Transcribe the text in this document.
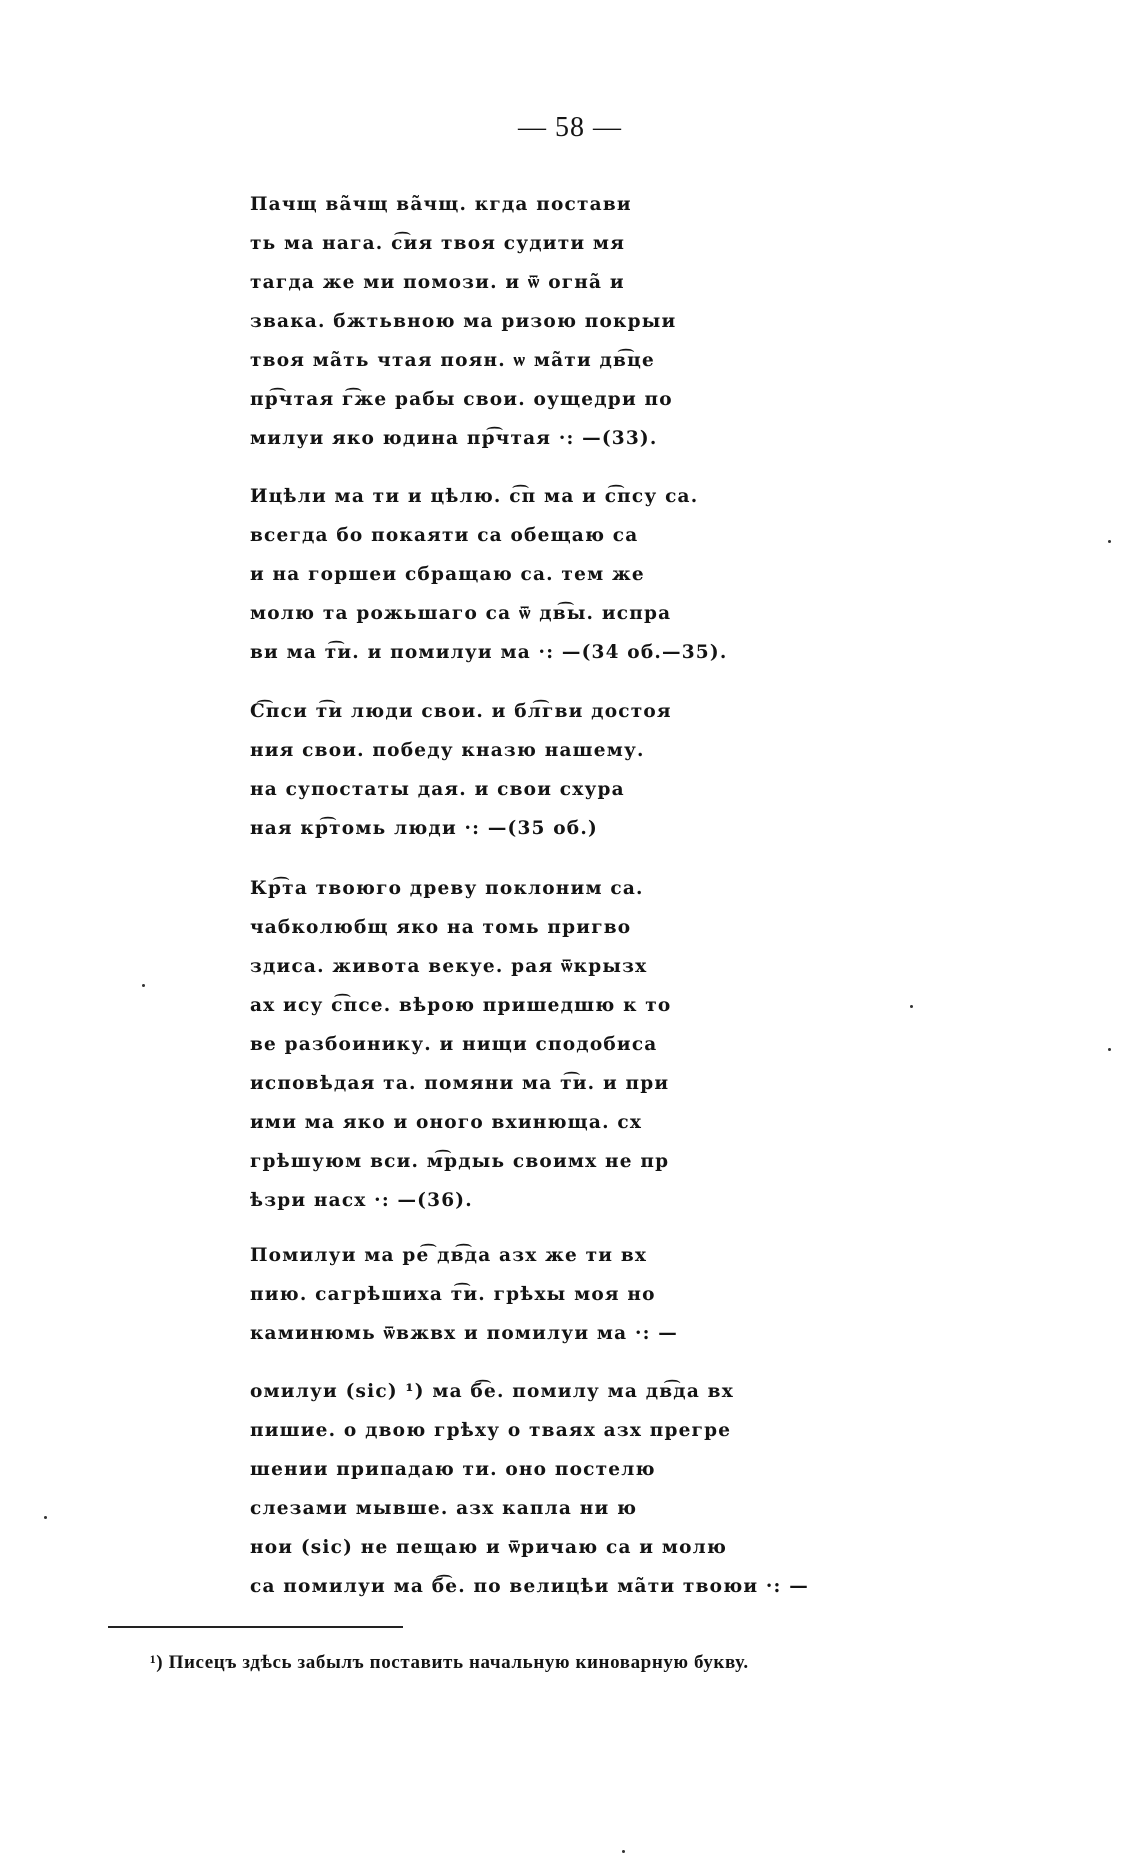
— 58 —
Пачщ ва̃чщ ва̃чщ. кгда постави
ть ма нага. с͡ия твоя судити мя
тагда же ми помози. и ѿ огна̃ и
звака. бжтьвною ма ризою покрыи
твоя ма̃ть чтая поян. ѡ ма̃ти дв͡це
пр͡чтая г͡же рабы свои. оущедри по
милуи яко юдина пр͡чтая ·: —(33).
Ицѣли ма ти и цѣлю. с͡п ма и с͡псу са.
всегда бо покаяти са обещаю са
и на горшеи сбращаю са. тем же
молю та рожьшаго са ѿ дв͡ы. испра
ви ма т͡и. и помилуи ма ·: —(34 об.—35).
С͡пси т͡и люди свои. и бл͡гви достоя
ния свои. победу кназю нашему.
на супостаты дая. и свои схура
ная кр͡томь люди ·: —(35 об.)
Кр͡та твоюго древу поклоним са.
чабколюбщ яко на томь пригво
здиса. живота векуе. рая ѿкрызх
ах ису с͡псе. вѣрою пришедшю к то
ве разбоинику. и нищи сподобиса
исповѣдая та. помяни ма т͡и. и при
ими ма яко и оного вхинюща. сх
грѣшуюм вси. м͡рдыь своимх не пр
ѣзри насх ·: —(36).
Помилуи ма ре͡ дв͡да азх же ти вх
пию. сагрѣшиха т͡и. грѣхы моя но
каминюмь ѿвжвх и помилуи ма ·: —
омилуи (sic) ¹) ма б͡е. помилу ма дв͡да вх
пишие. о двою грѣху о тваях азх прегре
шении припадаю ти. оно постелю
слезами мывше. азх капла ни ю
нои (sic) не пещаю и ѿричаю са и молю
са помилуи ма б͡е. по велицѣи ма̃ти твоюи ·: —
¹) Писецъ здѣсь забылъ поставить начальную киноварную букву.
